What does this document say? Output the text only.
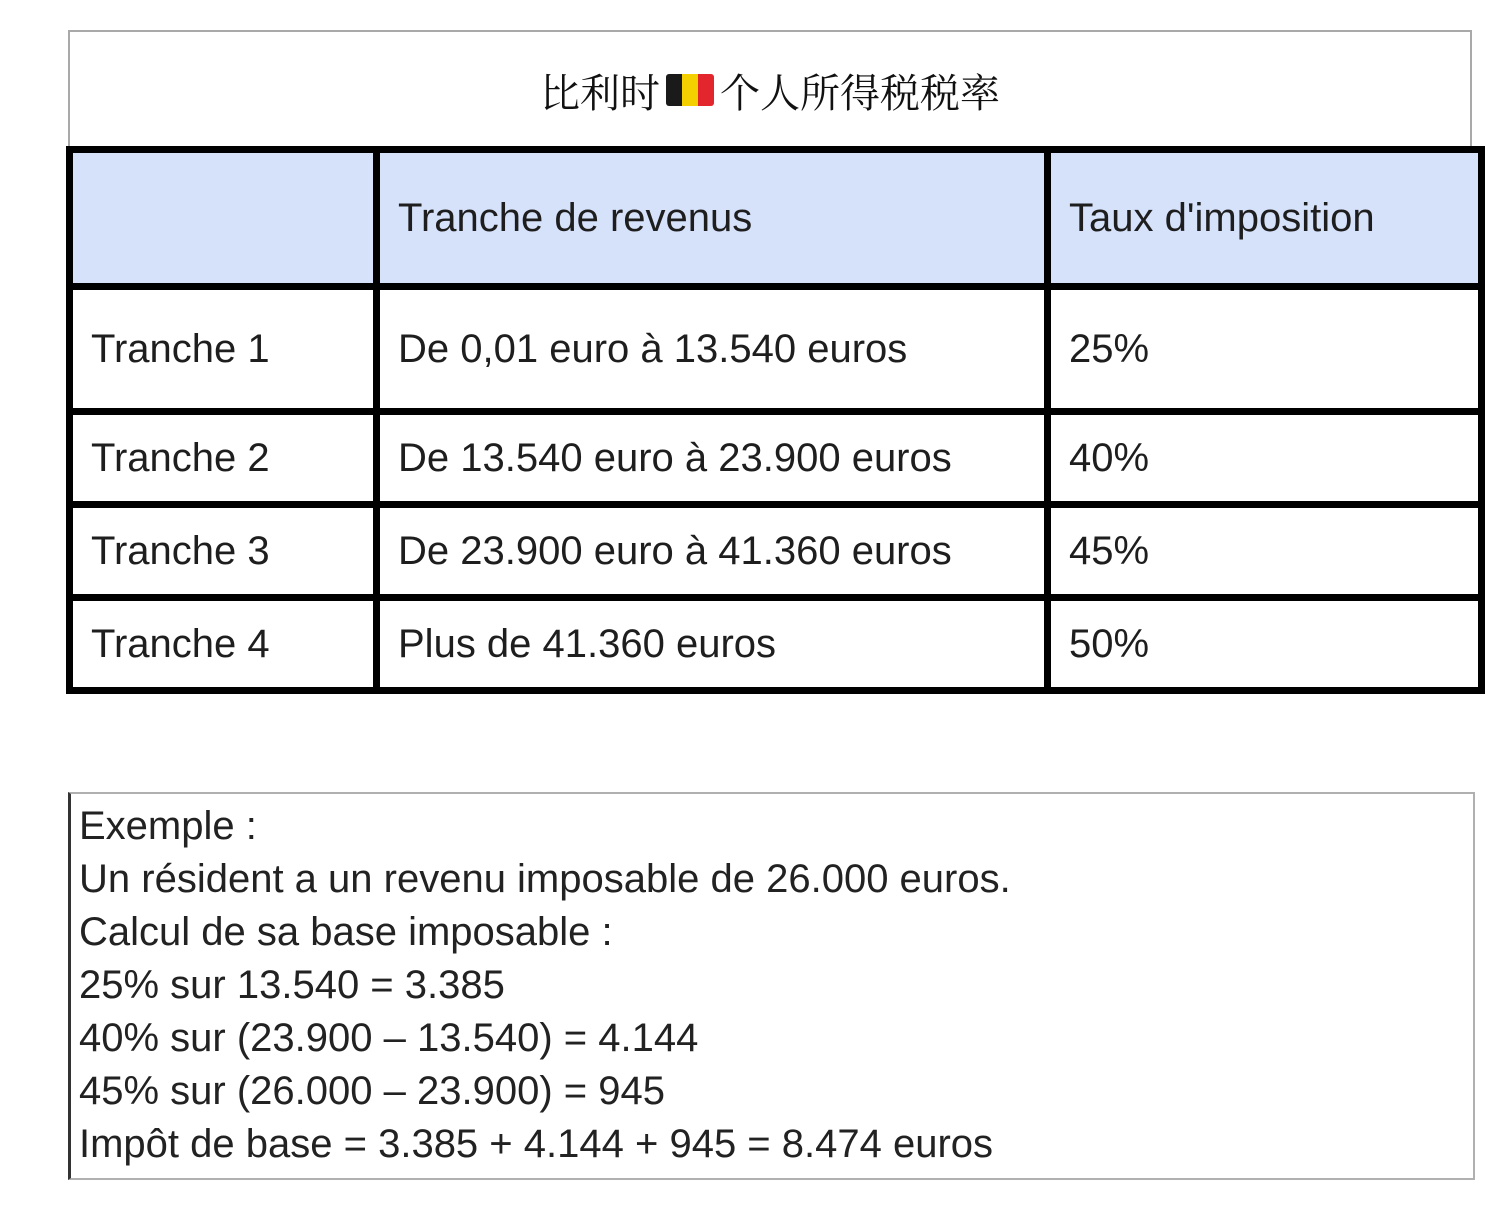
比利时 个人所得税税率
	Tranche de revenus	Taux d'imposition
Tranche 1	De 0,01 euro à 13.540 euros	25%
Tranche 2	De 13.540 euro à 23.900 euros	40%
Tranche 3	De 23.900 euro à 41.360 euros	45%
Tranche 4	Plus de 41.360 euros	50%
Exemple :
Un résident a un revenu imposable de 26.000 euros.
Calcul de sa base imposable :
25% sur 13.540 = 3.385
40% sur (23.900 – 13.540) = 4.144
45% sur (26.000 – 23.900) = 945
Impôt de base = 3.385 + 4.144 + 945 = 8.474 euros
